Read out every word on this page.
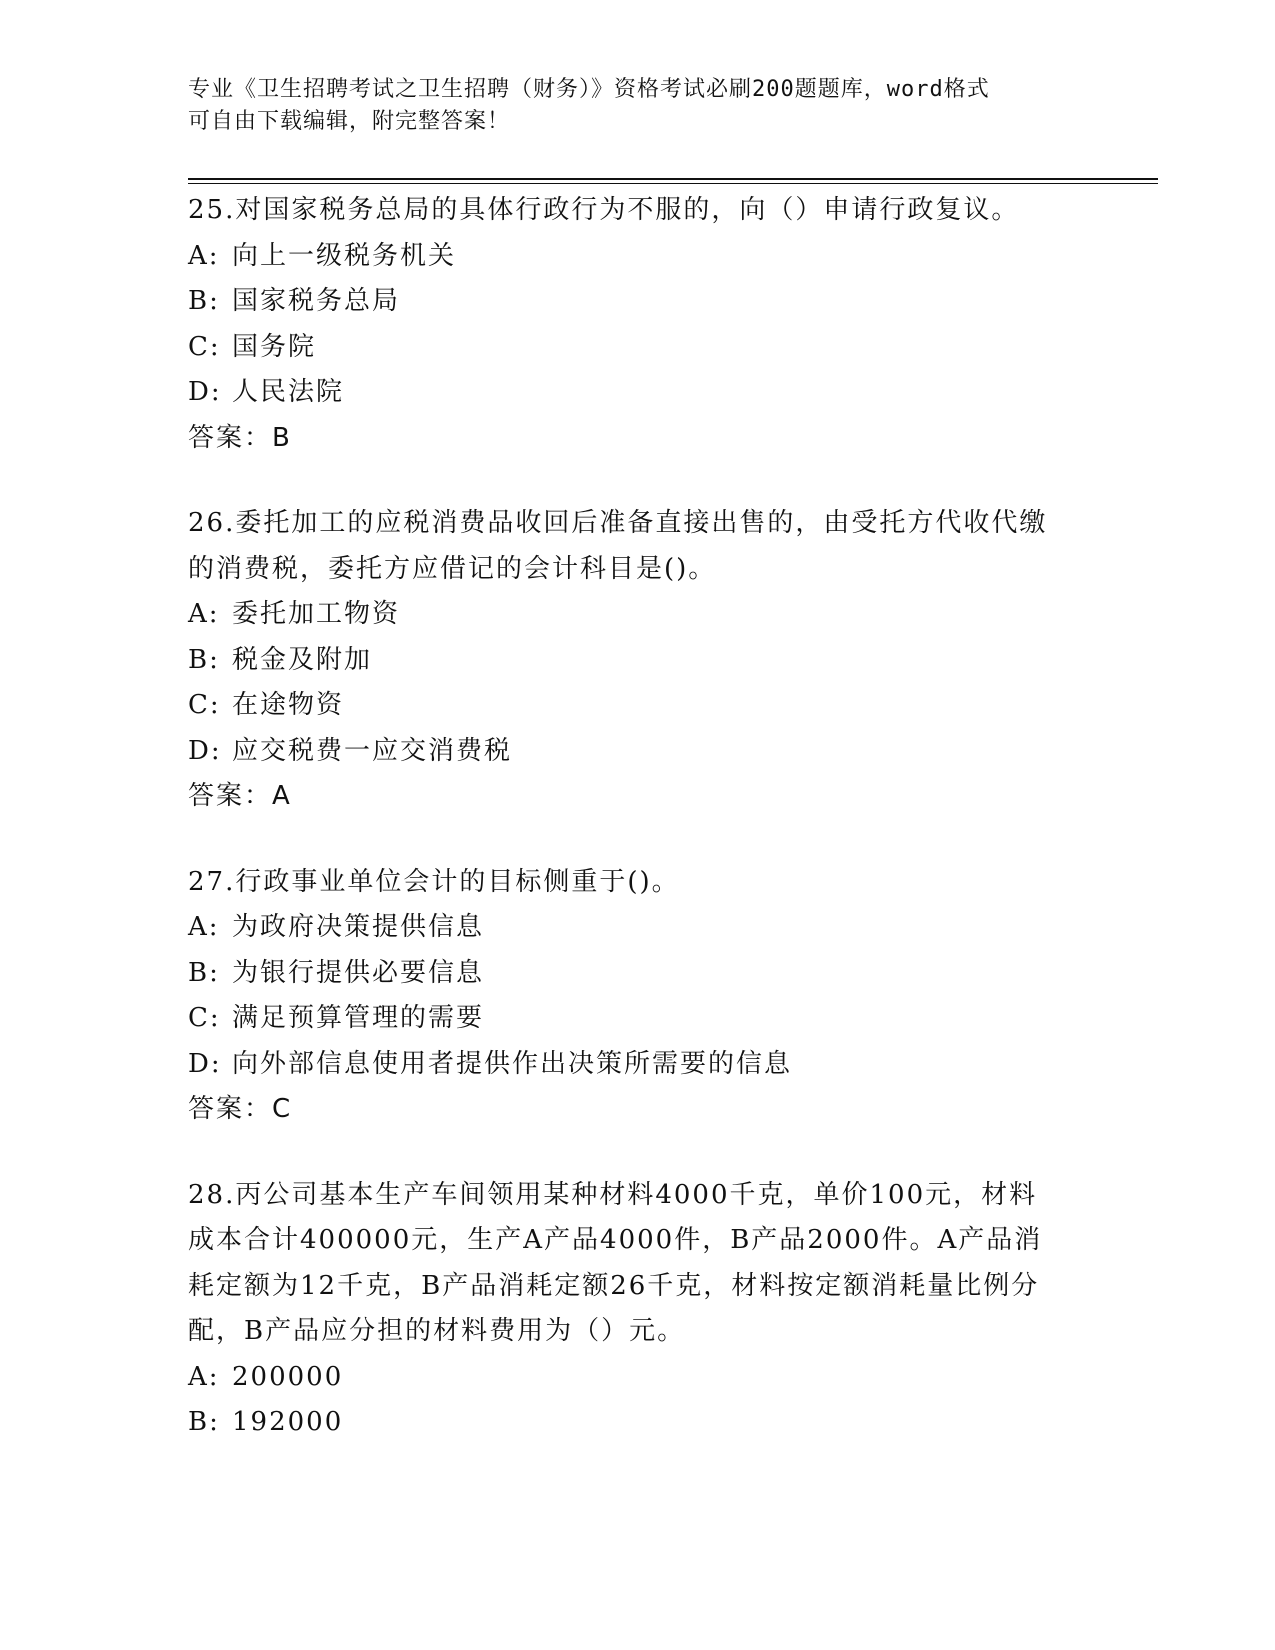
专业《卫生招聘考试之卫生招聘（财务）》资格考试必刷200题题库，word格式
可自由下载编辑，附完整答案！
25.对国家税务总局的具体行政行为不服的，向（）申请行政复议。
A: 向上一级税务机关
B: 国家税务总局
C: 国务院
D: 人民法院
答案：B
26.委托加工的应税消费品收回后准备直接出售的，由受托方代收代缴
的消费税，委托方应借记的会计科目是()。
A: 委托加工物资
B: 税金及附加
C: 在途物资
D: 应交税费一应交消费税
答案：A
27.行政事业单位会计的目标侧重于()。
A: 为政府决策提供信息
B: 为银行提供必要信息
C: 满足预算管理的需要
D: 向外部信息使用者提供作出决策所需要的信息
答案：C
28.丙公司基本生产车间领用某种材料4000千克，单价100元，材料
成本合计400000元，生产A产品4000件，B产品2000件。A产品消
耗定额为12千克，B产品消耗定额26千克，材料按定额消耗量比例分
配，B产品应分担的材料费用为（）元。
A: 200000
B: 192000
